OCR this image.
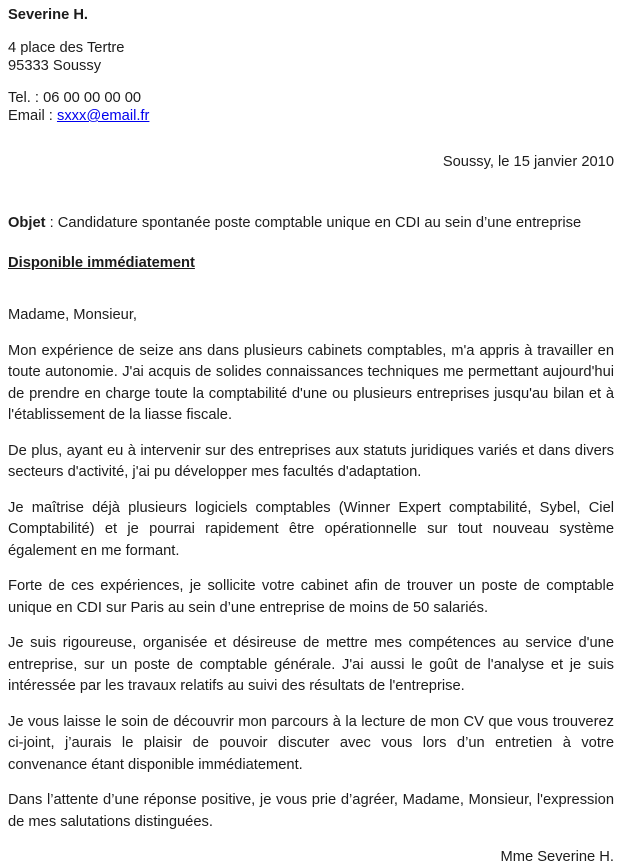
Severine H.

4 place des Tertre
95333 Soussy

Tel. : 06 00 00 00 00
Email : sxxx@email.fr

Soussy, le 15 janvier 2010

Objet : Candidature spontanée poste comptable unique en CDI au sein d’une entreprise

Disponible immédiatement

Madame, Monsieur,

Mon expérience de seize ans dans plusieurs cabinets comptables, m'a appris à travailler en toute autonomie. J'ai acquis de solides connaissances techniques me permettant aujourd'hui de prendre en charge toute la comptabilité d'une ou plusieurs entreprises jusqu'au bilan et à l'établissement de la liasse fiscale.

De plus, ayant eu à intervenir sur des entreprises aux statuts juridiques variés et dans divers secteurs d'activité, j'ai pu développer mes facultés d'adaptation.

Je maîtrise déjà plusieurs logiciels comptables (Winner Expert comptabilité, Sybel, Ciel Comptabilité) et je pourrai rapidement être opérationnelle sur tout nouveau système également en me formant.

Forte de ces expériences, je sollicite votre cabinet afin de trouver un poste de comptable unique en CDI sur Paris au sein d’une entreprise de moins de 50 salariés.

Je suis rigoureuse, organisée et désireuse de mettre mes compétences au service d'une entreprise, sur un poste de comptable générale. J'ai aussi le goût de l'analyse et je suis intéressée par les travaux relatifs au suivi des résultats de l'entreprise.

Je vous laisse le soin de découvrir mon parcours à la lecture de mon CV que vous trouverez ci-joint, j’aurais le plaisir de pouvoir discuter avec vous lors d’un entretien à votre convenance étant disponible immédiatement.

Dans l’attente d’une réponse positive, je vous prie d’agréer, Madame, Monsieur, l'expression de mes salutations distinguées.

Mme Severine H.
